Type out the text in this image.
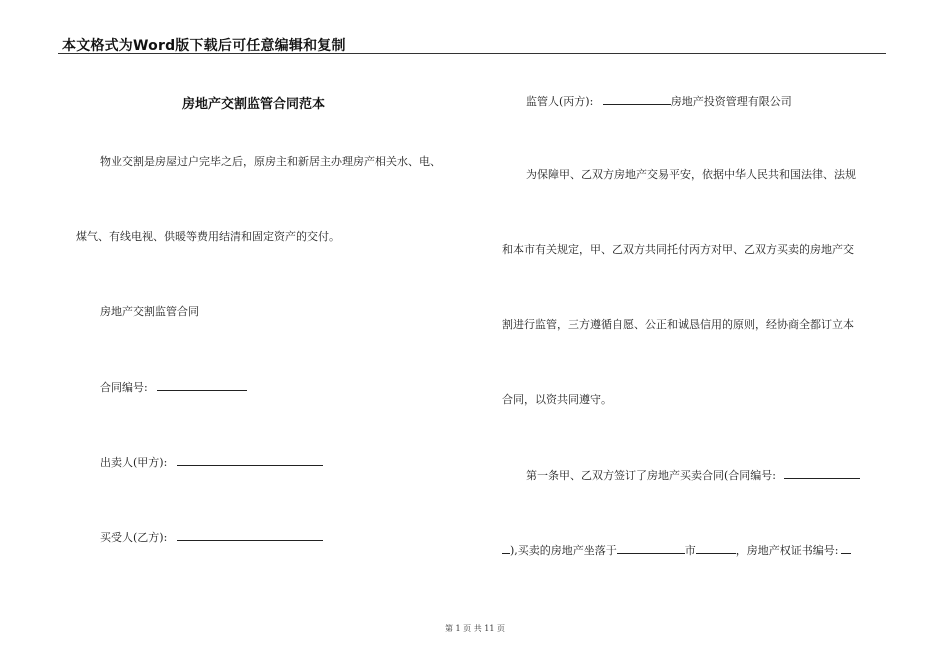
本文格式为Word版下载后可任意编辑和复制
房地产交割监管合同范本
物业交割是房屋过户完毕之后，原房主和新居主办理房产相关水、电、
煤气、有线电视、供暖等费用结清和固定资产的交付。
房地产交割监管合同
合同编号:
出卖人(甲方):
买受人(乙方):
监管人(丙方):	房地产投资管理有限公司
为保障甲、乙双方房地产交易平安，依据中华人民共和国法律、法规
和本市有关规定，甲、乙双方共同托付丙方对甲、乙双方买卖的房地产交
割进行监管，三方遵循自愿、公正和诚恳信用的原则，经协商全都订立本
合同，以资共同遵守。
第一条甲、乙双方签订了房地产买卖合同(合同编号:
),买卖的房地产坐落于	市	，房地产权证书编号:
第 1 页 共 11 页
